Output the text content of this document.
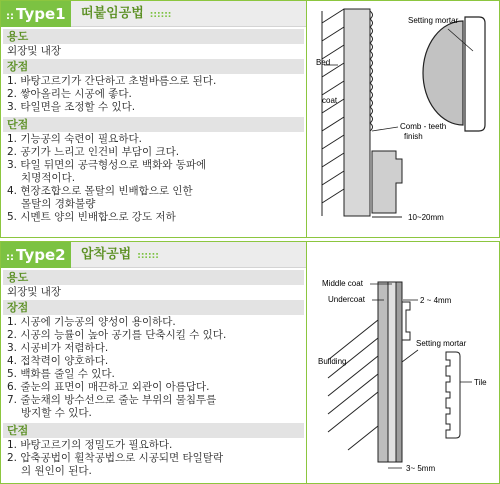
:: Type1	떠붙임공법 ::::::
용도
외장및 내장
장점
1. 바탕고르기가 간단하고 초벌바름으로 된다.
2. 쌓아올리는 시공에 좋다.
3. 타일면을 조정할 수 있다.
단점
1. 기능공의 숙련이 필요하다.
2. 공기가 느리고 인건비 부담이 크다.
3. 타일 뒤면의 공극형성으로 백화와 동파에
치명적이다.
4. 현장조합으로 몰탈의 빈배합으로 인한
몰탈의 경화불량
5. 시멘트 양의 빈배합으로 강도 저하
Setting mortar
Bed
coat
Comb - teeth
finish
10~20mm
:: Type2	압착공법 ::::::
용도
외장및 내장
장점
1. 시공에 기능공의 양성이 용이하다.
2. 시공의 능률이 높아 공기를 단축시킬 수 있다.
3. 시공비가 저렴하다.
4. 접착력이 양호하다.
5. 백화를 줄일 수 있다.
6. 줄눈의 표면이 매끈하고 외관이 아름답다.
7. 줄눈채의 방수선으로 줄눈 부위의 물침투를
방지할 수 있다.
단점
1. 바탕고르기의 정밀도가 필요하다.
2. 압축공법이 휠착공법으로 시공되면 타일탈락
의 원인이 된다.
Middle coat
Undercoat	2 ~ 4mm
Setting mortar
Building
Tile
3~ 5mm
